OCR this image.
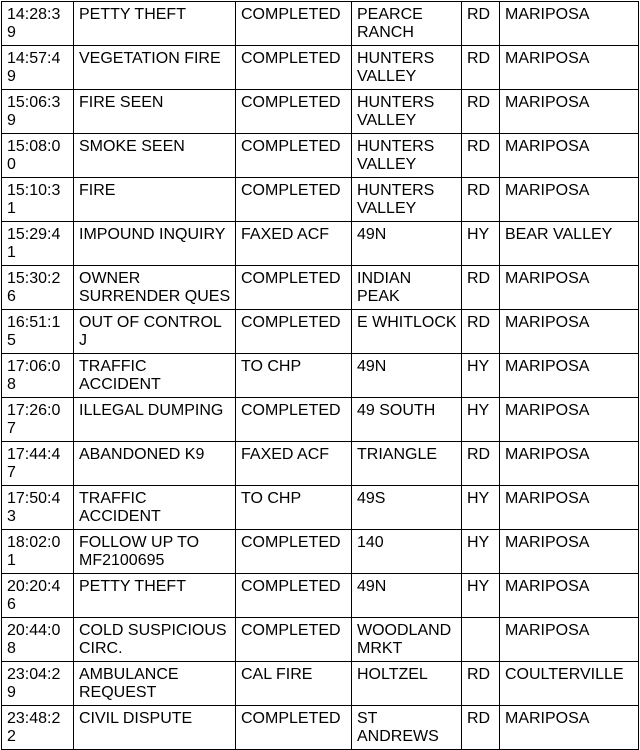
14:28:39	PETTY THEFT	COMPLETED	PEARCE RANCH	RD	MARIPOSA
14:57:49	VEGETATION FIRE	COMPLETED	HUNTERS VALLEY	RD	MARIPOSA
15:06:39	FIRE SEEN	COMPLETED	HUNTERS VALLEY	RD	MARIPOSA
15:08:00	SMOKE SEEN	COMPLETED	HUNTERS VALLEY	RD	MARIPOSA
15:10:31	FIRE	COMPLETED	HUNTERS VALLEY	RD	MARIPOSA
15:29:41	IMPOUND INQUIRY	FAXED ACF	49N	HY	BEAR VALLEY
15:30:26	OWNER SURRENDER QUES	COMPLETED	INDIAN PEAK	RD	MARIPOSA
16:51:15	OUT OF CONTROL J	COMPLETED	E WHITLOCK	RD	MARIPOSA
17:06:08	TRAFFIC ACCIDENT	TO CHP	49N	HY	MARIPOSA
17:26:07	ILLEGAL DUMPING	COMPLETED	49 SOUTH	HY	MARIPOSA
17:44:47	ABANDONED K9	FAXED ACF	TRIANGLE	RD	MARIPOSA
17:50:43	TRAFFIC ACCIDENT	TO CHP	49S	HY	MARIPOSA
18:02:01	FOLLOW UP TO MF2100695	COMPLETED	140	HY	MARIPOSA
20:20:46	PETTY THEFT	COMPLETED	49N	HY	MARIPOSA
20:44:08	COLD SUSPICIOUS CIRC.	COMPLETED	WOODLAND MRKT		MARIPOSA
23:04:29	AMBULANCE REQUEST	CAL FIRE	HOLTZEL	RD	COULTERVILLE
23:48:22	CIVIL DISPUTE	COMPLETED	ST ANDREWS	RD	MARIPOSA
